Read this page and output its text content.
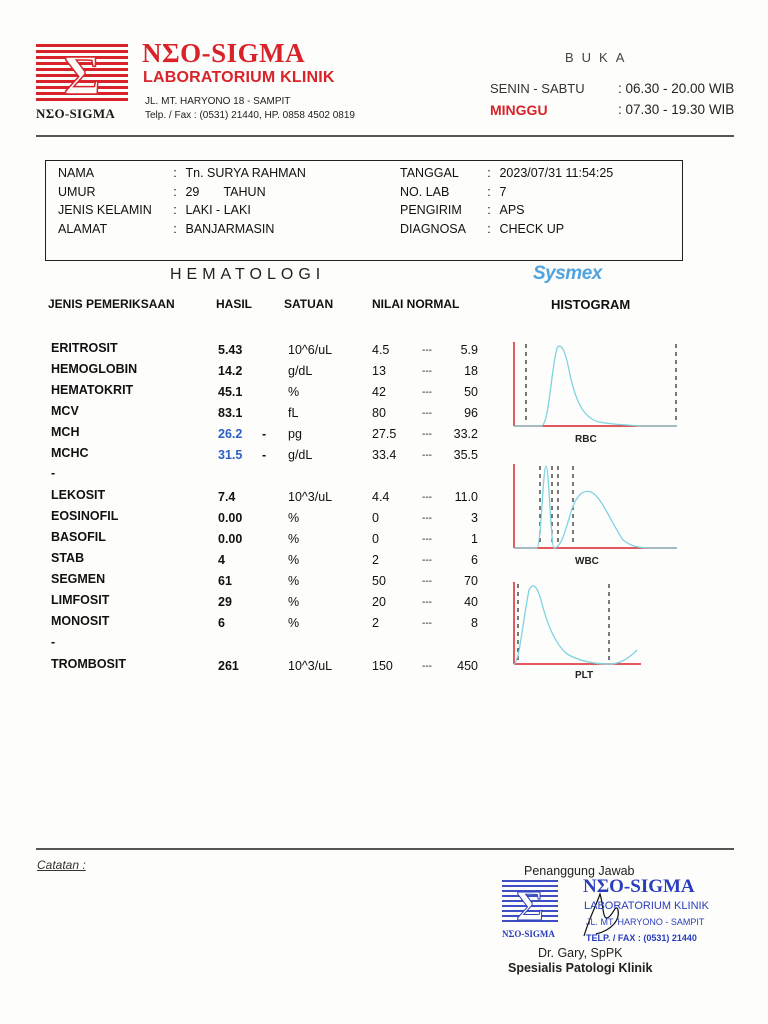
Σ
NΣO-SIGMA
NΣO-SIGMA
LABORATORIUM KLINIK
JL. MT. HARYONO 18 - SAMPIT
Telp. / Fax : (0531) 21440, HP. 0858 4502 0819
BUKA
SENIN - SABTU	: 06.30 - 20.00 WIB
MINGGU	: 07.30 - 19.30 WIB
NAMA	:
Tn. SURYA RAHMAN
UMUR	:
29       TAHUN
JENIS KELAMIN	:
LAKI - LAKI
ALAMAT	:
BANJARMASIN
TANGGAL	:
2023/07/31 11:54:25
NO. LAB	:
7
PENGIRIM	:
APS
DIAGNOSA	:
CHECK UP
HEMATOLOGI	Sysmex
JENIS PEMERIKSAAN	HASIL	SATUAN	NILAI NORMAL	HISTOGRAM
ERITROSIT	5.43	10^6/uL	4.5	---	5.9
HEMOGLOBIN	14.2	g/dL	13	---	18
HEMATOKRIT	45.1	%	42	---	50
MCV	83.1	fL	80	---	96
MCH	26.2 - pg	27.5	---	33.2
MCHC	31.5 - g/dL	33.4	---	35.5
-
LEKOSIT	7.4	10^3/uL	4.4	---	11.0
EOSINOFIL	0.00	%	0	---	3
BASOFIL	0.00	%	0	---	1
STAB	4	%	2	---	6
SEGMEN	61	%	50	---	70
LIMFOSIT	29	%	20	---	40
MONOSIT	6	%	2	---	8
-
TROMBOSIT	261	10^3/uL	150	---	450
RBC
WBC
PLT
Catatan :	Penanggung Jawab
Σ NΣO-SIGMA
LABORATORIUM KLINIK
JL. MT. HARYONO - SAMPIT
TELP. / FAX : (0531) 21440
NΣO-SIGMA
Dr. Gary, SpPK
Spesialis Patologi Klinik
